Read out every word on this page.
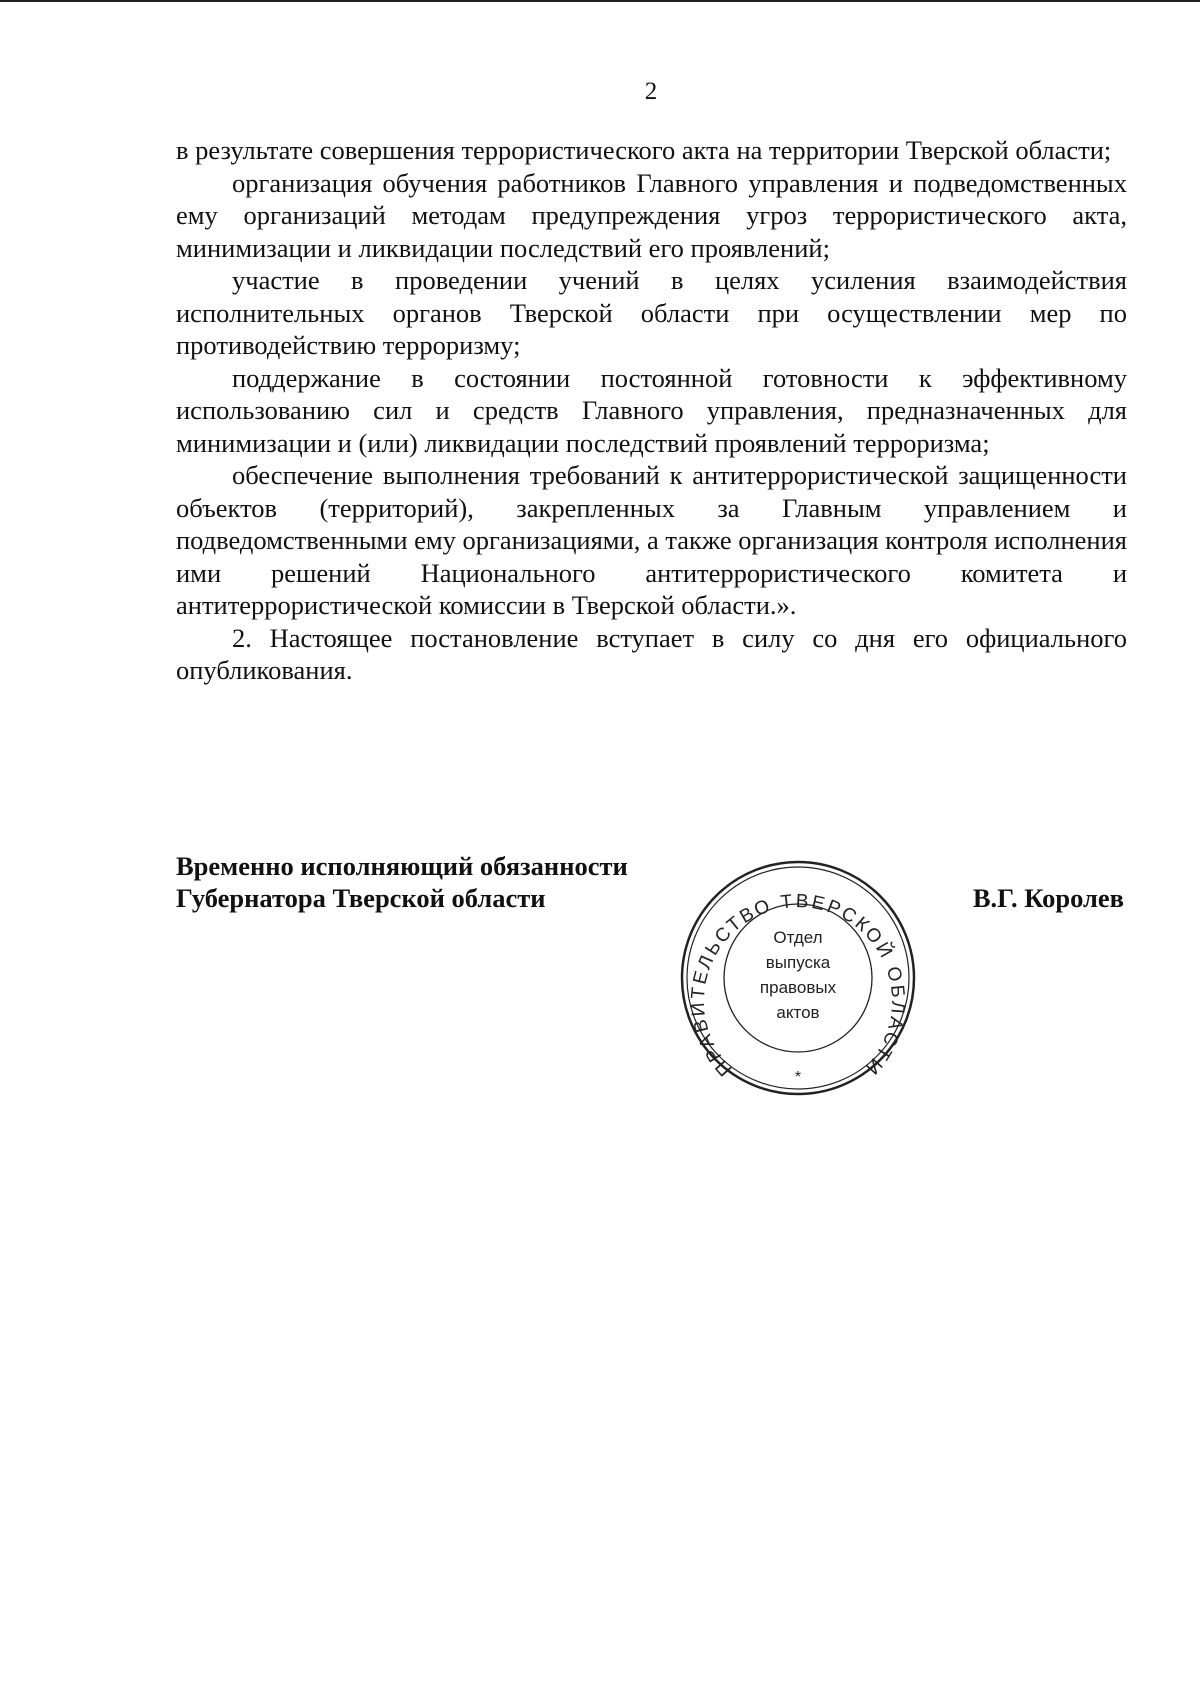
2

в результате совершения террористического акта на территории Тверской области;

организация обучения работников Главного управления и подведомственных ему организаций методам предупреждения угроз террористического акта, минимизации и ликвидации последствий его проявлений;

участие в проведении учений в целях усиления взаимодействия исполнительных органов Тверской области при осуществлении мер по противодействию терроризму;

поддержание в состоянии постоянной готовности к эффективному использованию сил и средств Главного управления, предназначенных для минимизации и (или) ликвидации последствий проявлений терроризма;

обеспечение выполнения требований к антитеррористической защищенности объектов (территорий), закрепленных за Главным управлением и подведомственными ему организациями, а также организация контроля исполнения ими решений Национального антитеррористического комитета и антитеррористической комиссии в Тверской области.».

2. Настоящее постановление вступает в силу со дня его официального опубликования.

Временно исполняющий обязанности
Губернатора Тверской области
ПРАВИТЕЛЬСТВО ТВЕРСКОЙ ОБЛАСТИ
*
Отдел
выпуска
правовых
актов
В.Г. Королев
